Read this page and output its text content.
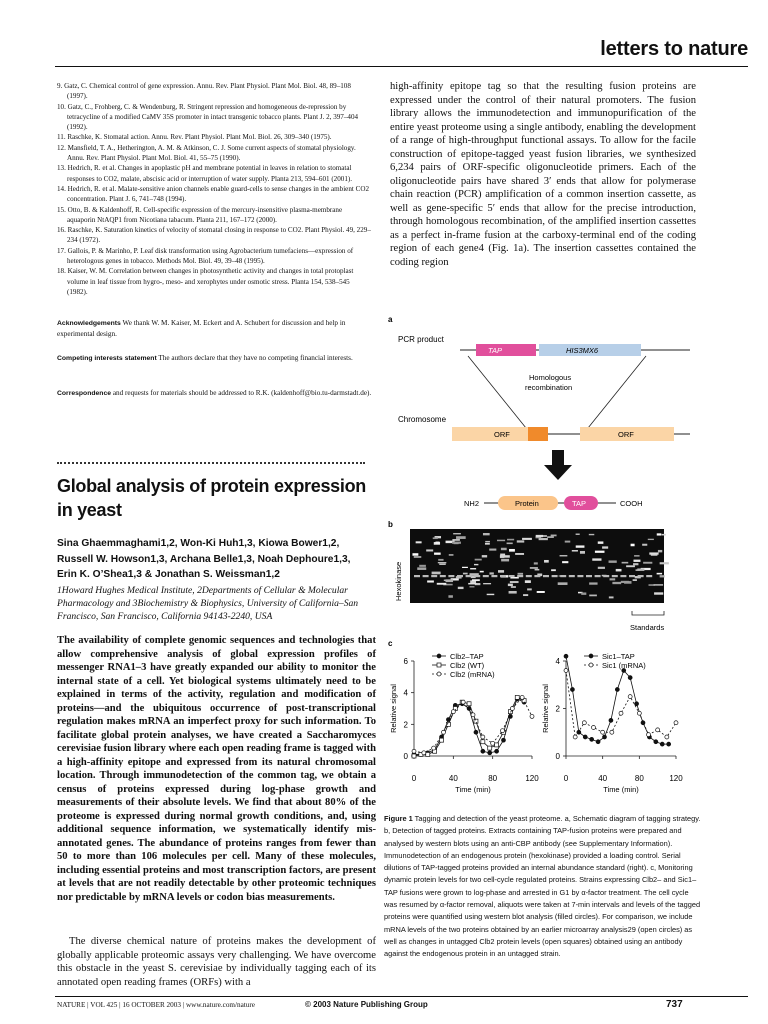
letters to nature
9. Gatz, C. Chemical control of gene expression. Annu. Rev. Plant Physiol. Plant Mol. Biol. 48, 89–108 (1997).
10. Gatz, C., Frohberg, C. & Wendenburg, R. Stringent repression and homogeneous de-repression by tetracycline of a modified CaMV 35S promoter in intact transgenic tobacco plants. Plant J. 2, 397–404 (1992).
11. Raschke, K. Stomatal action. Annu. Rev. Plant Physiol. Plant Mol. Biol. 26, 309–340 (1975).
12. Mansfield, T. A., Hetherington, A. M. & Atkinson, C. J. Some current aspects of stomatal physiology. Annu. Rev. Plant Physiol. Plant Mol. Biol. 41, 55–75 (1990).
13. Hedrich, R. et al. Changes in apoplastic pH and membrane potential in leaves in relation to stomatal responses to CO2, malate, abscisic acid or interruption of water supply. Planta 213, 594–601 (2001).
14. Hedrich, R. et al. Malate-sensitive anion channels enable guard-cells to sense changes in the ambient CO2 concentration. Plant J. 6, 741–748 (1994).
15. Otto, B. & Kaldenhoff, R. Cell-specific expression of the mercury-insensitive plasma-membrane aquaporin NtAQP1 from Nicotiana tabacum. Planta 211, 167–172 (2000).
16. Raschke, K. Saturation kinetics of velocity of stomatal closing in response to CO2. Plant Physiol. 49, 229–234 (1972).
17. Gallois, P. & Marinho, P. Leaf disk transformation using Agrobacterium tumefaciens—expression of heterologous genes in tobacco. Methods Mol. Biol. 49, 39–48 (1995).
18. Kaiser, W. M. Correlation between changes in photosynthetic activity and changes in total protoplast volume in leaf tissue from hygro-, meso- and xerophytes under osmotic stress. Planta 154, 538–545 (1982).
Acknowledgements We thank W. M. Kaiser, M. Eckert and A. Schubert for discussion and help in experimental design.
Competing interests statement The authors declare that they have no competing financial interests.
Correspondence and requests for materials should be addressed to R.K. (kaldenhoff@bio.tu-darmstadt.de).
Global analysis of protein expression in yeast
Sina Ghaemmaghami1,2, Won-Ki Huh1,3, Kiowa Bower1,2,
Russell W. Howson1,3, Archana Belle1,3, Noah Dephoure1,3,
Erin K. O’Shea1,3 & Jonathan S. Weissman1,2
1Howard Hughes Medical Institute, 2Departments of Cellular & Molecular Pharmacology and 3Biochemistry & Biophysics, University of California–San Francisco, San Francisco, California 94143-2240, USA
The availability of complete genomic sequences and technologies that allow comprehensive analysis of global expression profiles of messenger RNA1–3 have greatly expanded our ability to monitor the internal state of a cell. Yet biological systems ultimately need to be explained in terms of the activity, regulation and modification of proteins—and the ubiquitous occurrence of post-transcriptional regulation makes mRNA an imperfect proxy for such information. To facilitate global protein analyses, we have created a Saccharomyces cerevisiae fusion library where each open reading frame is tagged with a high-affinity epitope and expressed from its natural chromosomal location. Through immunodetection of the common tag, we obtain a census of proteins expressed during log-phase growth and measurements of their absolute levels. We find that about 80% of the proteome is expressed during normal growth conditions, and, using additional sequence information, we systematically identify mis-annotated genes. The abundance of proteins ranges from fewer than 50 to more than 106 molecules per cell. Many of these molecules, including essential proteins and most transcription factors, are present at levels that are not readily detectable by other proteomic techniques nor predictable by mRNA levels or codon bias measurements.
The diverse chemical nature of proteins makes the development of globally applicable proteomic assays very challenging. We have overcome this obstacle in the yeast S. cerevisiae by individually tagging each of its annotated open reading frames (ORFs) with a
high-affinity epitope tag so that the resulting fusion proteins are expressed under the control of their natural promoters. The fusion library allows the immunodetection and immunopurification of the entire yeast proteome using a single antibody, enabling the development of a range of high-throughput functional assays. To allow for the facile construction of epitope-tagged yeast fusion libraries, we synthesized 6,234 pairs of ORF-specific oligonucleotide primers. Each of the oligonucleotide pairs have shared 3′ ends that allow for polymerase chain reaction (PCR) amplification of a common insertion cassette, as well as gene-specific 5′ ends that allow for the precise introduction, through homologous recombination, of the amplified insertion cassettes as a perfect in-frame fusion at the carboxy-terminal end of the coding region of each gene4 (Fig. 1a). The insertion cassettes contained the coding region
a
PCR product
TAP	HIS3MX6
Homologous
recombination
Chromosome
ORF	ORF
NH2	Protein	TAP	COOH
b
Hexokinase
Standards
c
0	40	80	120
0
2
4
6
Time (min)
Relative signal
Clb2–TAP
Clb2 (WT)
Clb2 (mRNA)
0	40	80	120
0
2
4
Time (min)
Relative signal
Sic1–TAP
Sic1 (mRNA)
Figure 1 Tagging and detection of the yeast proteome. a, Schematic diagram of tagging strategy. b, Detection of tagged proteins. Extracts containing TAP-fusion proteins were prepared and analysed by western blots using an anti-CBP antibody (see Supplementary Information). Immunodetection of an endogenous protein (hexokinase) provided a loading control. Serial dilutions of TAP-tagged proteins provided an internal abundance standard (right). c, Monitoring dynamic protein levels for two cell-cycle regulated proteins. Strains expressing Clb2– and Sic1–TAP fusions were grown to log-phase and arrested in G1 by α-factor treatment. The cell cycle was resumed by α-factor removal, aliquots were taken at 7-min intervals and levels of the tagged proteins were quantified using western blot analysis (filled circles). For comparison, we include mRNA levels of the two proteins obtained by an earlier microarray analysis29 (open circles) as well as changes in untagged Clb2 protein levels (open squares) obtained using an antibody against the endogenous protein in an untagged strain.
NATURE | VOL 425 | 16 OCTOBER 2003 | www.nature.com/nature	© 2003 Nature Publishing Group	737
